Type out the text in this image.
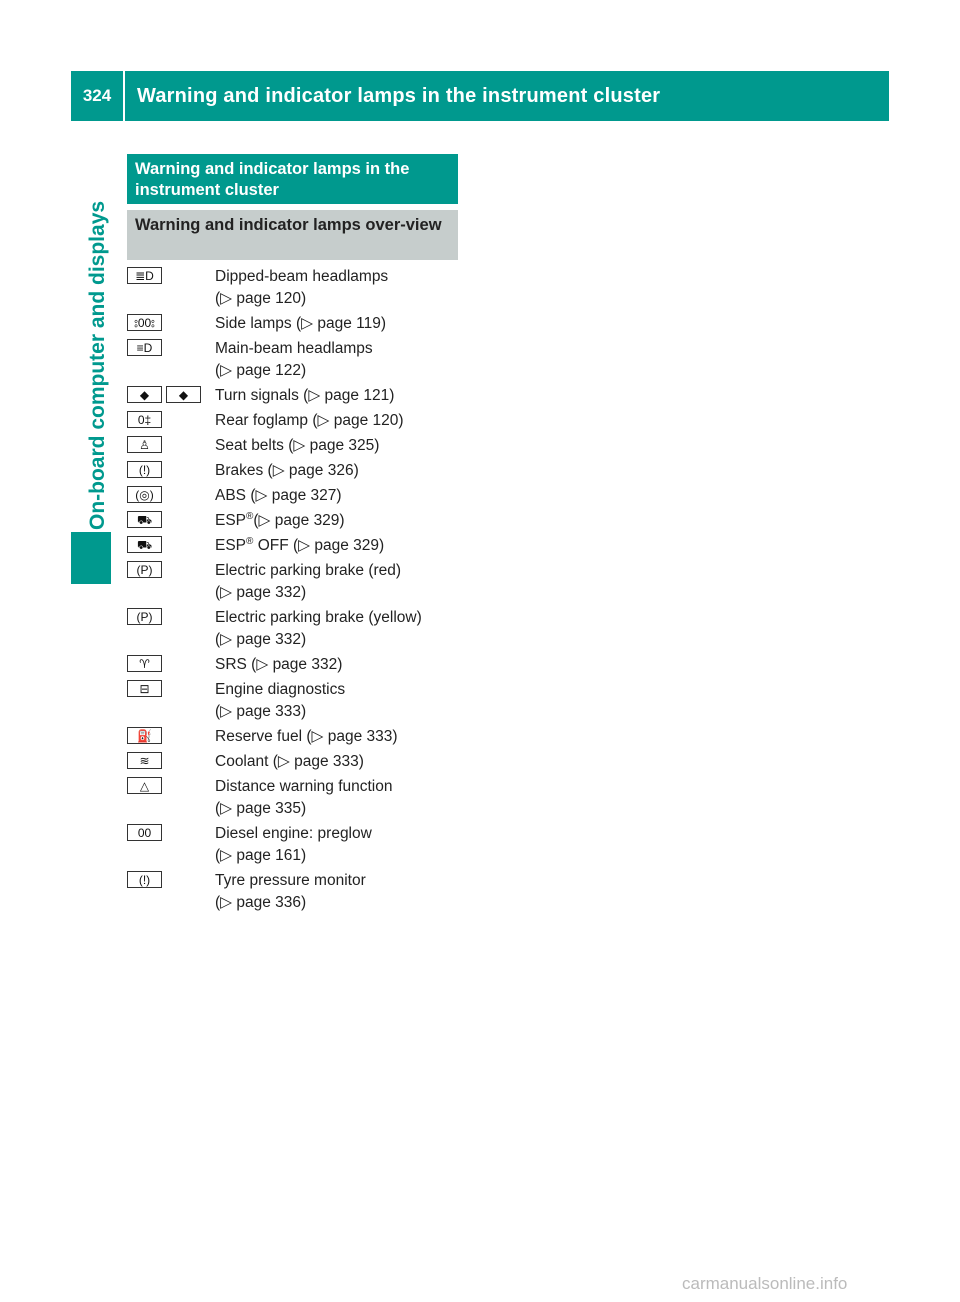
324	Warning and indicator lamps in the instrument cluster
On-board computer and displays
Warning and indicator lamps in the instrument cluster
Warning and indicator lamps over-view
≣D	Dipped-beam headlamps
(▷ page 120)
⦂00⦂	Side lamps (▷ page 119)
≡D	Main-beam headlamps
(▷ page 122)
◆	◆	Turn signals (▷ page 121)
0‡	Rear foglamp (▷ page 120)
♙	Seat belts (▷ page 325)
(!)	Brakes (▷ page 326)
(◎)	ABS (▷ page 327)
⛟	ESP®(▷ page 329)
⛟	ESP® OFF (▷ page 329)
(P)	Electric parking brake (red)
(▷ page 332)
(P)	Electric parking brake (yellow)
(▷ page 332)
♈	SRS (▷ page 332)
⊟	Engine diagnostics
(▷ page 333)
⛽	Reserve fuel (▷ page 333)
≋	Coolant (▷ page 333)
△	Distance warning function
(▷ page 335)
00	Diesel engine: preglow
(▷ page 161)
(!)	Tyre pressure monitor
(▷ page 336)
carmanualsonline.info
